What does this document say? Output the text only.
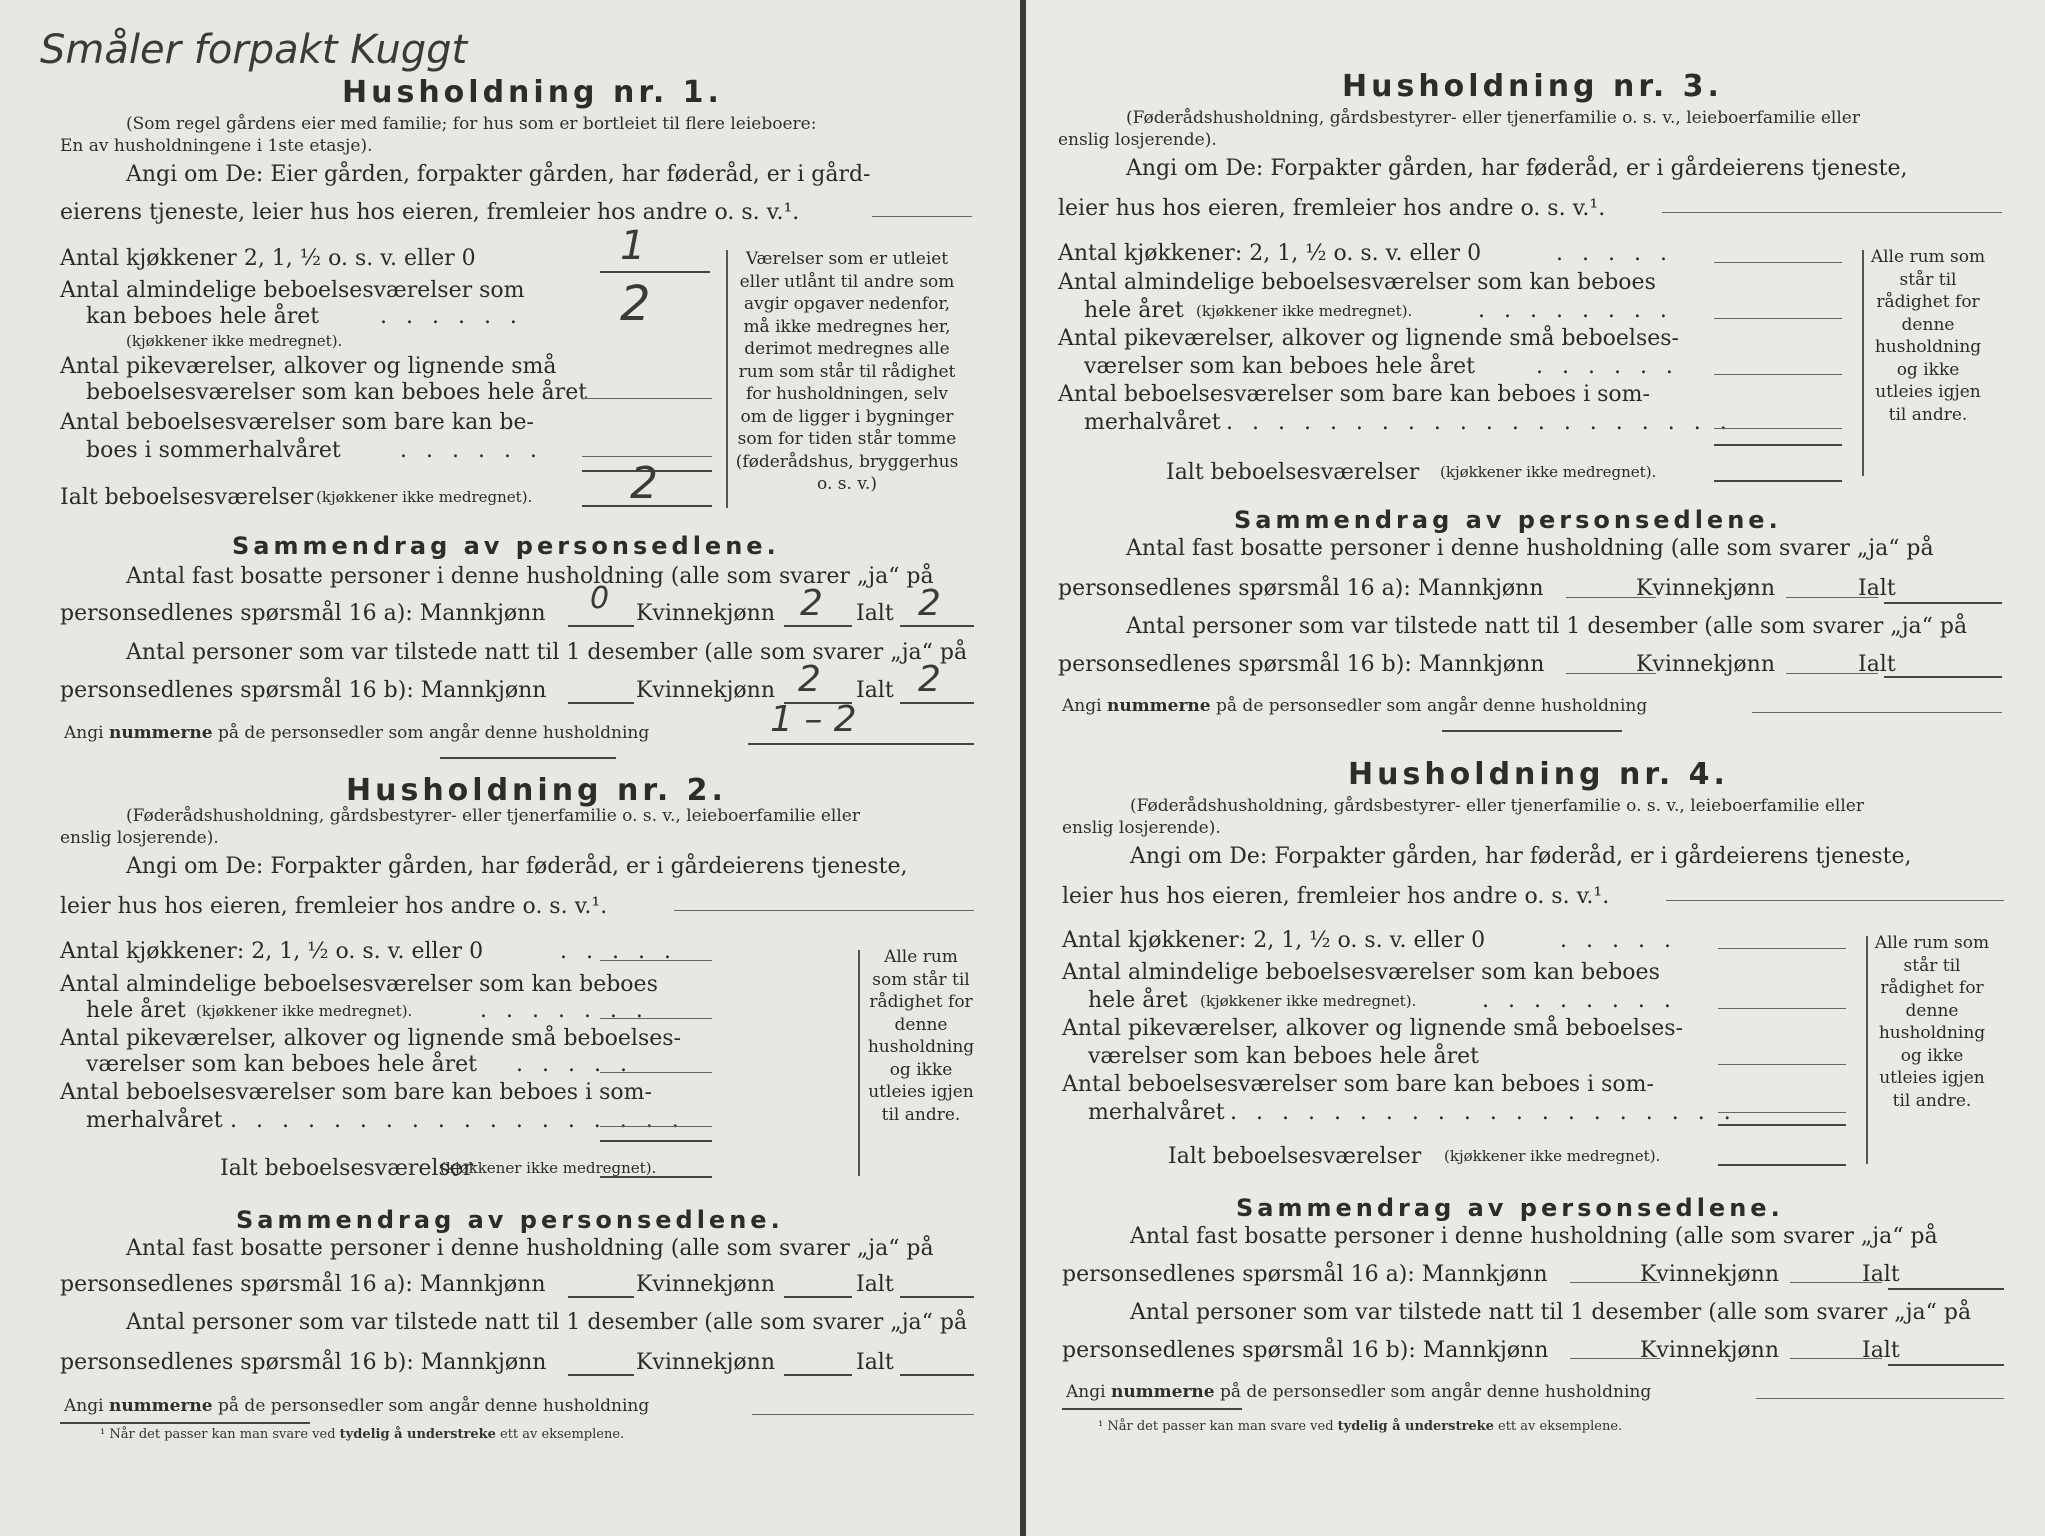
Småler forpakt Kuggt
Husholdning nr. 1.
(Som regel gårdens eier med familie; for hus som er bortleiet til flere leieboere:
En av husholdningene i 1ste etasje).
Angi om De: Eier gården, forpakter gården, har føderåd, er i gård-
eierens tjeneste, leier hus hos eieren, fremleier hos andre o. s. v.¹.
Antal kjøkkener 2, 1, ½ o. s. v. eller 0	1
Antal almindelige beboelsesværelser som
kan beboes hele året	. . . . . . 2
(kjøkkener ikke medregnet).
Antal pikeværelser, alkover og lignende små
beboelsesværelser som kan beboes hele året
Antal beboelsesværelser som bare kan be-
boes i sommerhalvåret	. . . . . .
Ialt beboelsesværelser (kjøkkener ikke medregnet). 2
Værelser som er utleiet eller utlånt til andre som avgir opgaver nedenfor, må ikke medregnes her, derimot medregnes alle rum som står til rådighet for husholdningen, selv om de ligger i bygninger som for tiden står tomme (føderådshus, bryggerhus o. s. v.)
Sammendrag av personsedlene.
Antal fast bosatte personer i denne husholdning (alle som svarer „ja“ på
personsedlenes spørsmål 16 a): Mannkjønn 0 Kvinnekjønn 2 Ialt 2
Antal personer som var tilstede natt til 1 desember (alle som svarer „ja“ på
personsedlenes spørsmål 16 b): Mannkjønn	Kvinnekjønn 2 Ialt 2
Angi nummerne på de personsedler som angår denne husholdning	1 – 2
Husholdning nr. 2.
(Føderådshusholdning, gårdsbestyrer- eller tjenerfamilie o. s. v., leieboerfamilie eller
enslig losjerende).
Angi om De: Forpakter gården, har føderåd, er i gårdeierens tjeneste,
leier hus hos eieren, fremleier hos andre o. s. v.¹.
Antal kjøkkener: 2, 1, ½ o. s. v. eller 0	. . . . .
Antal almindelige beboelsesværelser som kan beboes
hele året (kjøkkener ikke medregnet).	. . . . . . .
Antal pikeværelser, alkover og lignende små beboelses-
værelser som kan beboes hele året . . . . .
Antal beboelsesværelser som bare kan beboes i som-
merhalvåret . . . . . . . . . . . . . . . . . .
Ialt beboelsesværelser
(kjøkkener ikke medregnet).
Alle rum som står til rådighet for denne husholdning og ikke utleies igjen til andre.
Sammendrag av personsedlene.
Antal fast bosatte personer i denne husholdning (alle som svarer „ja“ på
personsedlenes spørsmål 16 a): Mannkjønn	Kvinnekjønn	Ialt
Antal personer som var tilstede natt til 1 desember (alle som svarer „ja“ på
personsedlenes spørsmål 16 b): Mannkjønn	Kvinnekjønn	Ialt
Angi nummerne på de personsedler som angår denne husholdning
¹ Når det passer kan man svare ved tydelig å understreke ett av eksemplene.
Husholdning nr. 3.
(Føderådshusholdning, gårdsbestyrer- eller tjenerfamilie o. s. v., leieboerfamilie eller
enslig losjerende).
Angi om De: Forpakter gården, har føderåd, er i gårdeierens tjeneste,
leier hus hos eieren, fremleier hos andre o. s. v.¹.
Antal kjøkkener: 2, 1, ½ o. s. v. eller 0	. . . . .
Antal almindelige beboelsesværelser som kan beboes
hele året (kjøkkener ikke medregnet).	. . . . . . . .
Antal pikeværelser, alkover og lignende små beboelses-
værelser som kan beboes hele året	. . . . . .
Antal beboelsesværelser som bare kan beboes i som-
merhalvåret . . . . . . . . . . . . . . . . . . . .
Ialt beboelsesværelser (kjøkkener ikke medregnet).
Alle rum som står til rådighet for denne husholdning og ikke utleies igjen til andre.
Sammendrag av personsedlene.
Antal fast bosatte personer i denne husholdning (alle som svarer „ja“ på
personsedlenes spørsmål 16 a): Mannkjønn	Kvinnekjønn	Ialt
Antal personer som var tilstede natt til 1 desember (alle som svarer „ja“ på
personsedlenes spørsmål 16 b): Mannkjønn	Kvinnekjønn	Ialt
Angi nummerne på de personsedler som angår denne husholdning
Husholdning nr. 4.
(Føderådshusholdning, gårdsbestyrer- eller tjenerfamilie o. s. v., leieboerfamilie eller
enslig losjerende).
Angi om De: Forpakter gården, har føderåd, er i gårdeierens tjeneste,
leier hus hos eieren, fremleier hos andre o. s. v.¹.
Antal kjøkkener: 2, 1, ½ o. s. v. eller 0	. . . . .
Antal almindelige beboelsesværelser som kan beboes
hele året (kjøkkener ikke medregnet).	. . . . . . . .
Antal pikeværelser, alkover og lignende små beboelses-
værelser som kan beboes hele året
Antal beboelsesværelser som bare kan beboes i som-
merhalvåret . . . . . . . . . . . . . . . . . . . .
Ialt beboelsesværelser (kjøkkener ikke medregnet).
Alle rum som står til rådighet for denne husholdning og ikke utleies igjen til andre.
Sammendrag av personsedlene.
Antal fast bosatte personer i denne husholdning (alle som svarer „ja“ på
personsedlenes spørsmål 16 a): Mannkjønn	Kvinnekjønn	Ialt
Antal personer som var tilstede natt til 1 desember (alle som svarer „ja“ på
personsedlenes spørsmål 16 b): Mannkjønn	Kvinnekjønn	Ialt
Angi nummerne på de personsedler som angår denne husholdning
¹ Når det passer kan man svare ved tydelig å understreke ett av eksemplene.
